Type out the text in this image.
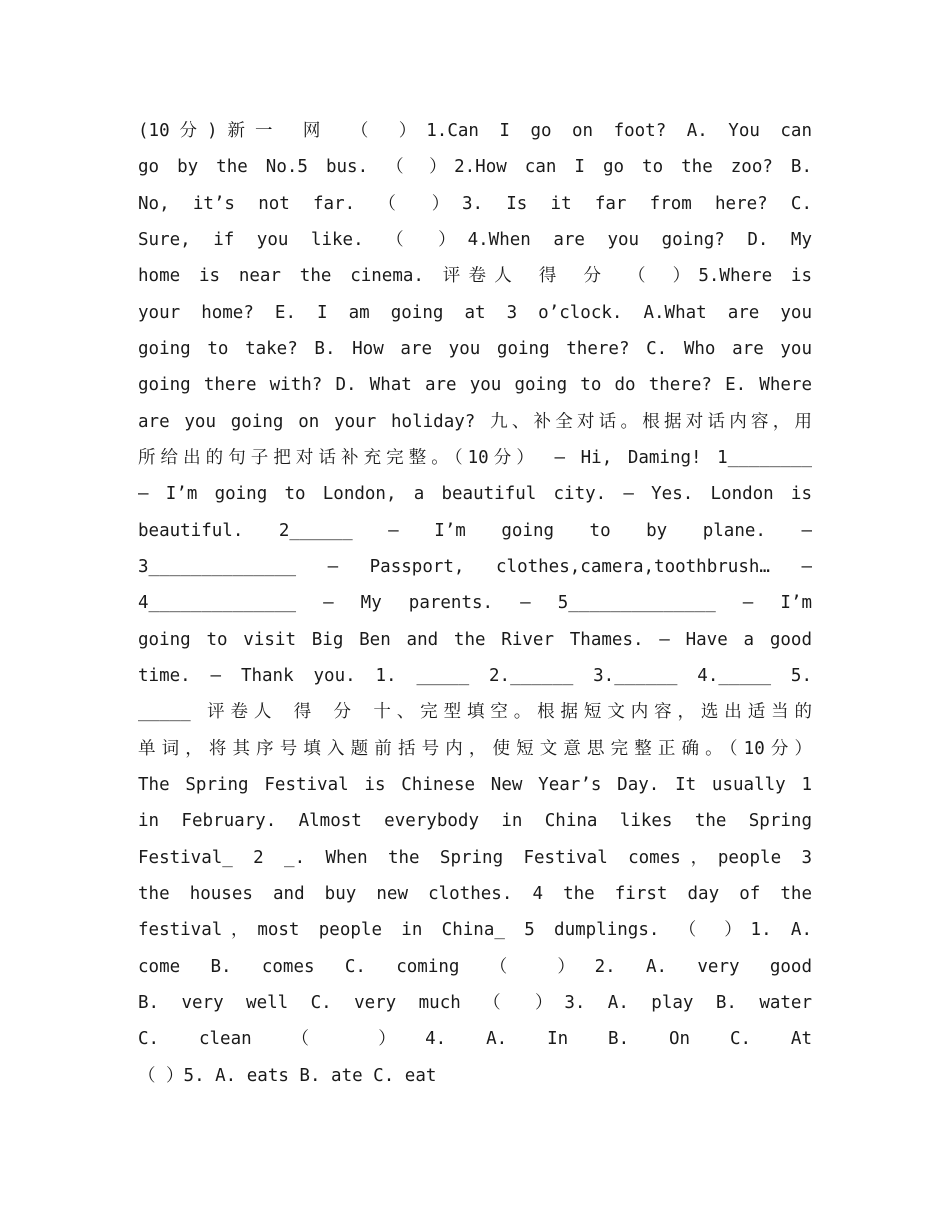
(10分)新一 网 （ ）1.Can I go on foot? A. You can
go by the No.5 bus. （ ）2.How can I go to the zoo? B.
No, it’s not far. （ ）3. Is it far from here? C.
Sure, if you like. （ ）4.When are you going? D. My
home is near the cinema. 评卷人 得 分 （ ）5.Where is
your home? E. I am going at 3 o’clock. A.What are you
going to take? B. How are you going there? C. Who are you
going there with? D. What are you going to do there? E. Where
are you going on your holiday? 九、补全对话。根据对话内容，用
所给出的句子把对话补充完整。（10分） — Hi, Daming! 1________
— I’m going to London, a beautiful city. — Yes. London is
beautiful. 2______ — I’m going to by plane. —
3______________ — Passport, clothes,camera,toothbrush… —
4______________ — My parents. — 5______________ — I’m
going to visit Big Ben and the River Thames. — Have a good
time. — Thank you. 1. _____ 2.______ 3.______ 4._____ 5.
_____ 评卷人 得 分 十、完型填空。根据短文内容，选出适当的
单词，将其序号填入题前括号内，使短文意思完整正确。（10分）
The Spring Festival is Chinese New Year’s Day. It usually 1
in February. Almost everybody in China likes the Spring
Festival_ 2 _. When the Spring Festival comes，people 3
the houses and buy new clothes. 4 the first day of the
festival，most people in China_ 5 dumplings. （ ）1. A.
come B. comes C. coming （ ）2. A. very good
B. very well C. very much （ ）3. A. play B. water
C. clean （ ）4. A. In B. On C. At
（ ）5. A. eats B. ate C. eat
